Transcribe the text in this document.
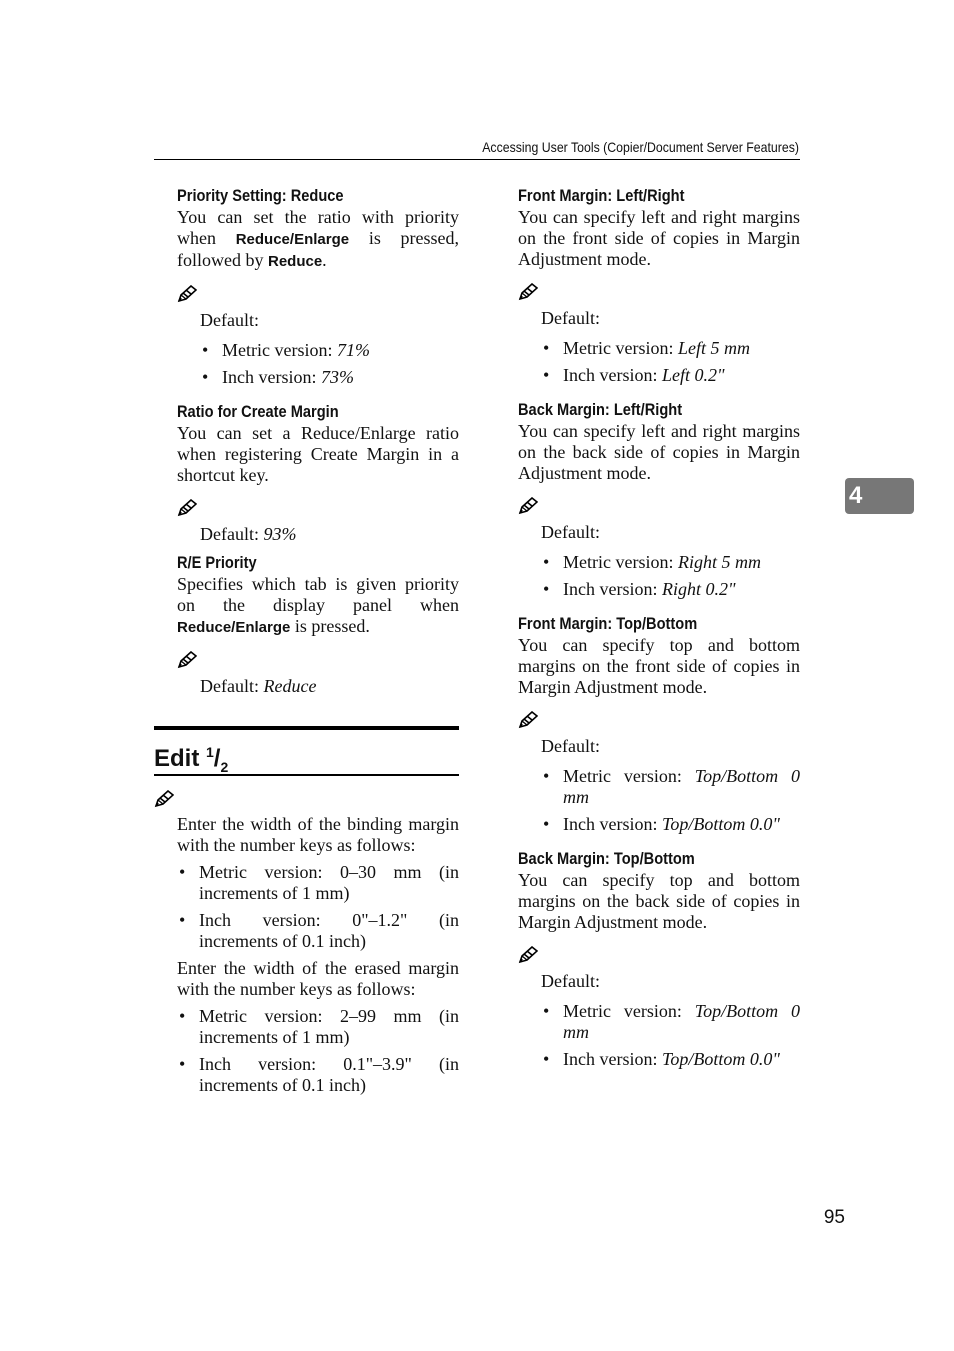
Accessing User Tools (Copier/Document Server Features)

Priority Setting: Reduce

You can set the ratio with priority when Reduce/Enlarge is pressed, followed by Reduce.

Default:
• Metric version: 71%
• Inch version: 73%

Ratio for Create Margin

You can set a Reduce/Enlarge ratio when registering Create Margin in a shortcut key.

Default: 93%

R/E Priority

Specifies which tab is given priority on the display panel when Reduce/Enlarge is pressed.

Default: Reduce
Edit $^1/_2$

Enter the width of the binding margin with the number keys as follows:

• Metric version: 0–30 mm (in increments of 1 mm)
• Inch version: 0"–1.2" (in increments of 0.1 inch)

Enter the width of the erased margin with the number keys as follows:

• Metric version: 2–99 mm (in increments of 1 mm)
• Inch version: 0.1"–3.9" (in increments of 0.1 inch)

Front Margin: Left/Right

You can specify left and right margins on the front side of copies in Margin Adjustment mode.

Default:
• Metric version: Left 5 mm
• Inch version: Left 0.2"

Back Margin: Left/Right

You can specify left and right margins on the back side of copies in Margin Adjustment mode.

Default:
• Metric version: Right 5 mm
• Inch version: Right 0.2"

Front Margin: Top/Bottom

You can specify top and bottom margins on the front side of copies in Margin Adjustment mode.

Default:
• Metric version: Top/Bottom 0 mm
• Inch version: Top/Bottom 0.0"

Back Margin: Top/Bottom

You can specify top and bottom margins on the back side of copies in Margin Adjustment mode.

Default:
• Metric version: Top/Bottom 0 mm
• Inch version: Top/Bottom 0.0"
4
95
